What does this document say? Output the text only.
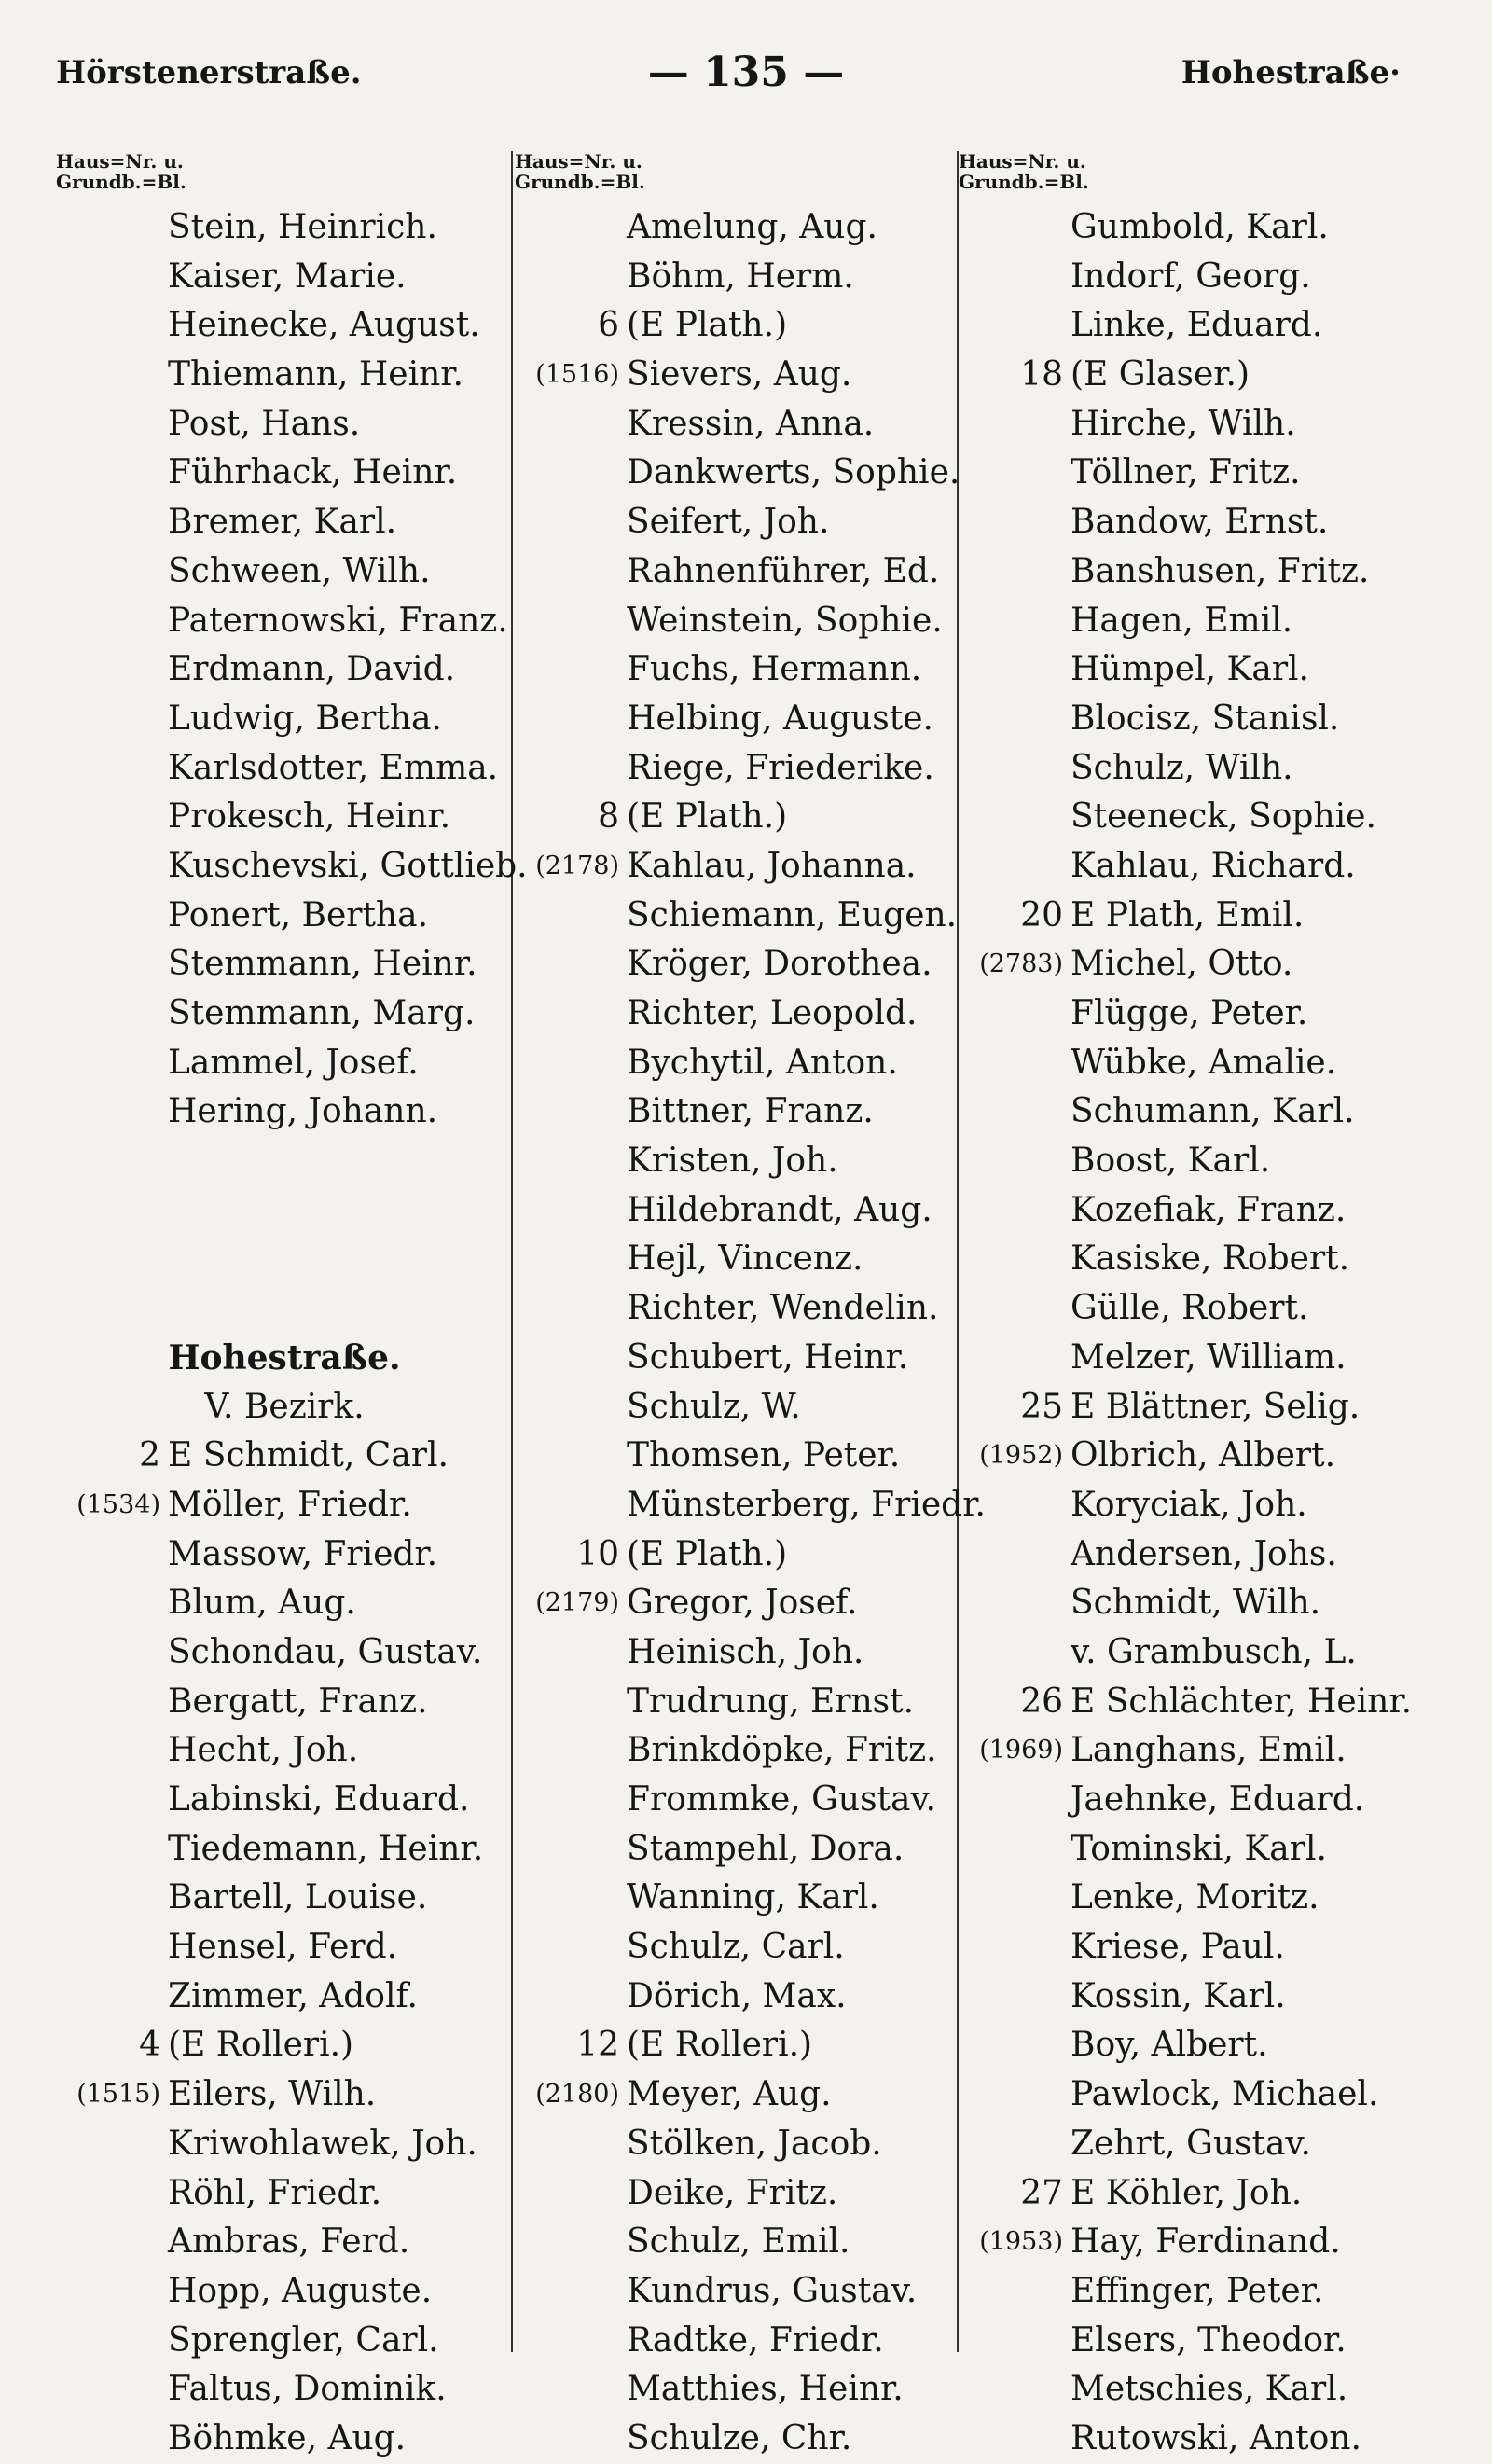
Hörstenerstraße.	— 135 —	Hohestraße·
Haus=Nr. u.
Grundb.=Bl.
Stein, Heinrich.
Kaiser, Marie.
Heinecke, August.
Thiemann, Heinr.
Post, Hans.
Führhack, Heinr.
Bremer, Karl.
Schween, Wilh.
Paternowski, Franz.
Erdmann, David.
Ludwig, Bertha.
Karlsdotter, Emma.
Prokesch, Heinr.
Kuschevski, Gottlieb.
Ponert, Bertha.
Stemmann, Heinr.
Stemmann, Marg.
Lammel, Josef.
Hering, Johann.
Hohestraße.
V. Bezirk.
2 E Schmidt, Carl.
(1534) Möller, Friedr.
Massow, Friedr.
Blum, Aug.
Schondau, Gustav.
Bergatt, Franz.
Hecht, Joh.
Labinski, Eduard.
Tiedemann, Heinr.
Bartell, Louise.
Hensel, Ferd.
Zimmer, Adolf.
4 (E Rolleri.)
(1515) Eilers, Wilh.
Kriwohlawek, Joh.
Röhl, Friedr.
Ambras, Ferd.
Hopp, Auguste.
Sprengler, Carl.
Faltus, Dominik.
Böhmke, Aug.
Haus=Nr. u.
Grundb.=Bl.
Amelung, Aug.
Böhm, Herm.
6 (E Plath.)
(1516) Sievers, Aug.
Kressin, Anna.
Dankwerts, Sophie.
Seifert, Joh.
Rahnenführer, Ed.
Weinstein, Sophie.
Fuchs, Hermann.
Helbing, Auguste.
Riege, Friederike.
8 (E Plath.)
(2178) Kahlau, Johanna.
Schiemann, Eugen.
Kröger, Dorothea.
Richter, Leopold.
Bychytil, Anton.
Bittner, Franz.
Kristen, Joh.
Hildebrandt, Aug.
Hejl, Vincenz.
Richter, Wendelin.
Schubert, Heinr.
Schulz, W.
Thomsen, Peter.
Münsterberg, Friedr.
10 (E Plath.)
(2179) Gregor, Josef.
Heinisch, Joh.
Trudrung, Ernst.
Brinkdöpke, Fritz.
Frommke, Gustav.
Stampehl, Dora.
Wanning, Karl.
Schulz, Carl.
Dörich, Max.
12 (E Rolleri.)
(2180) Meyer, Aug.
Stölken, Jacob.
Deike, Fritz.
Schulz, Emil.
Kundrus, Gustav.
Radtke, Friedr.
Matthies, Heinr.
Schulze, Chr.
Haus=Nr. u.
Grundb.=Bl.
Gumbold, Karl.
Indorf, Georg.
Linke, Eduard.
18 (E Glaser.)
Hirche, Wilh.
Töllner, Fritz.
Bandow, Ernst.
Banshusen, Fritz.
Hagen, Emil.
Hümpel, Karl.
Blocisz, Stanisl.
Schulz, Wilh.
Steeneck, Sophie.
Kahlau, Richard.
20 E Plath, Emil.
(2783) Michel, Otto.
Flügge, Peter.
Wübke, Amalie.
Schumann, Karl.
Boost, Karl.
Kozefiak, Franz.
Kasiske, Robert.
Gülle, Robert.
Melzer, William.
25 E Blättner, Selig.
(1952) Olbrich, Albert.
Koryciak, Joh.
Andersen, Johs.
Schmidt, Wilh.
v. Grambusch, L.
26 E Schlächter, Heinr.
(1969) Langhans, Emil.
Jaehnke, Eduard.
Tominski, Karl.
Lenke, Moritz.
Kriese, Paul.
Kossin, Karl.
Boy, Albert.
Pawlock, Michael.
Zehrt, Gustav.
27 E Köhler, Joh.
(1953) Hay, Ferdinand.
Effinger, Peter.
Elsers, Theodor.
Metschies, Karl.
Rutowski, Anton.
